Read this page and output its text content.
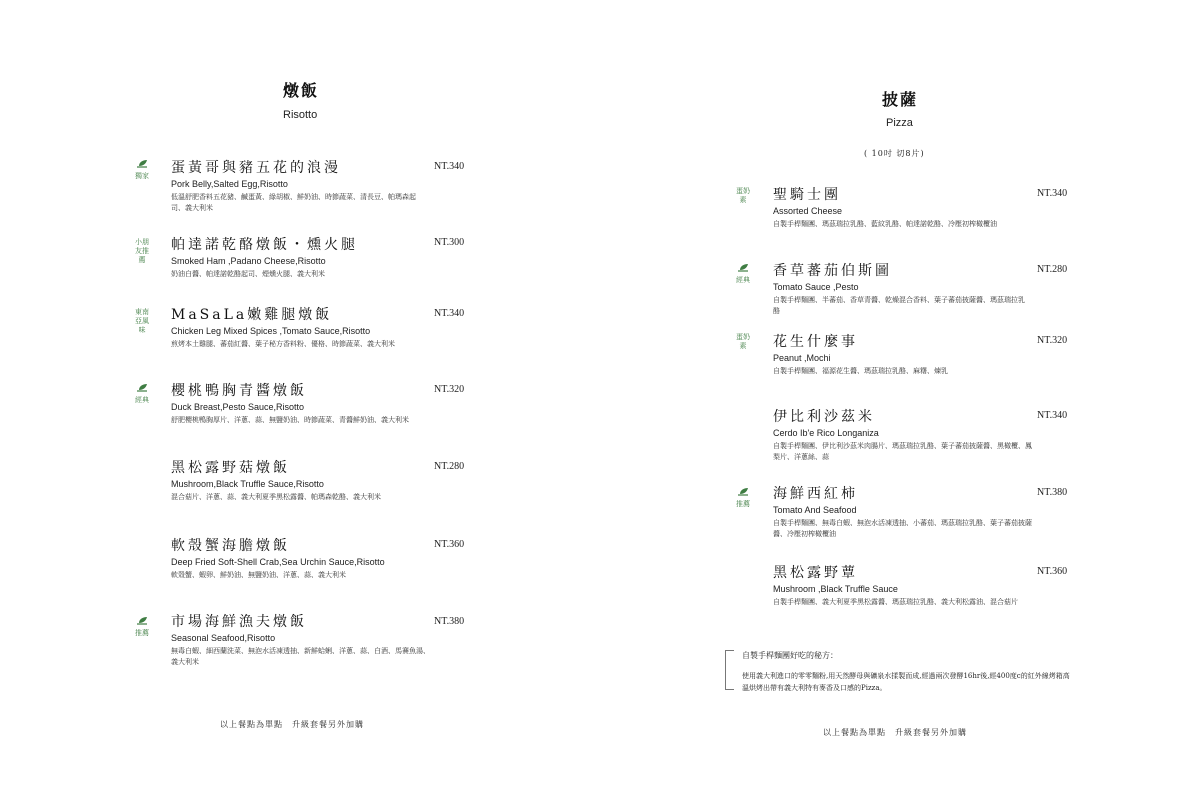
燉飯
Risotto
獨家
蛋黃哥與豬五花的浪漫
Pork Belly,Salted Egg,Risotto
低溫舒肥香料五花豬、鹹蛋黃、綠胡椒、鮮奶油、時節蔬菜、清長豆、帕瑪森起司、義大利米
NT.340
小朋友推薦
帕達諾乾酪燉飯・燻火腿
Smoked Ham ,Padano Cheese,Risotto
奶油白醬、帕達諾乾酪起司、煙燻火腿、義大利米
NT.300
東南亞風味
MaSaLa嫩雞腿燉飯
Chicken Leg Mixed Spices ,Tomato Sauce,Risotto
煎烤本土雞腿、蕃茄紅醬、葉子秘方香料粉、優格、時節蔬菜、義大利米
NT.340
經典
櫻桃鴨胸青醬燉飯
Duck Breast,Pesto Sauce,Risotto
舒肥櫻桃鴨胸厚片、洋蔥、蒜、無鹽奶油、時節蔬菜、青醬鮮奶油、義大利米
NT.320
黑松露野菇燉飯
Mushroom,Black Truffle Sauce,Risotto
混合菇片、洋蔥、蒜、義大利夏季黑松露醬、帕瑪森乾酪、義大利米
NT.280
軟殼蟹海膽燉飯
Deep Fried Soft-Shell Crab,Sea Urchin Sauce,Risotto
軟殼蟹、蝦卵、鮮奶油、無鹽奶油、洋蔥、蒜、義大利米
NT.360
推薦
市場海鮮漁夫燉飯
Seasonal Seafood,Risotto
無毒白蝦、細西蘭洗菜、無泡水活凍透抽、新鮮蛤蜊、洋蔥、蒜、白酒、馬賽魚湯、義大利米
NT.380
以上餐點為單點　升級套餐另外加購
披薩
Pizza
( 10吋 切8片)
蛋奶素	聖騎士團
Assorted Cheese
自製手桿麵團、瑪茲瑞拉乳酪、藍紋乳酪、帕達諾乾酪、冷壓初榨橄欖油
NT.340
經典
香草蕃茄伯斯圖
Tomato Sauce ,Pesto
自製手桿麵團、半蕃茄、香草青醬、乾燥混合香料、葉子蕃茄披薩醬、瑪茲瑞拉乳酪
NT.280
蛋奶素	花生什麼事
Peanut ,Mochi
自製手桿麵團、福源花生醬、瑪茲瑞拉乳酪、麻糬、煉乳
NT.320
伊比利沙茲米
Cerdo Ib'e Rico Longaniza
自製手桿麵團、伊比利沙茲米肉腸片、瑪茲瑞拉乳酪、葉子蕃茄披薩醬、黑橄欖、鳳梨片、洋蔥絲、蒜
NT.340
推薦
海鮮西紅柿
Tomato And Seafood
自製手桿麵團、無毒白蝦、無泡水活凍透抽、小蕃茄、瑪茲瑞拉乳酪、葉子蕃茄披薩醬、冷壓初榨橄欖油
NT.380
黑松露野蕈
Mushroom ,Black Truffle Sauce
自製手桿麵團、義大利夏季黑松露醬、瑪茲瑞拉乳酪、義大利松露油、混合菇片
NT.360
以上餐點為單點　升級套餐另外加購
自製手桿麵團好吃的秘方：
使用義大利進口的零零麵粉,用天然酵母與礦泉水揉製而成,經過兩次發酵16hr後,經400度c的紅外線烤箱高溫烘烤出帶有義大利特有麥香及口感的Pizza。
